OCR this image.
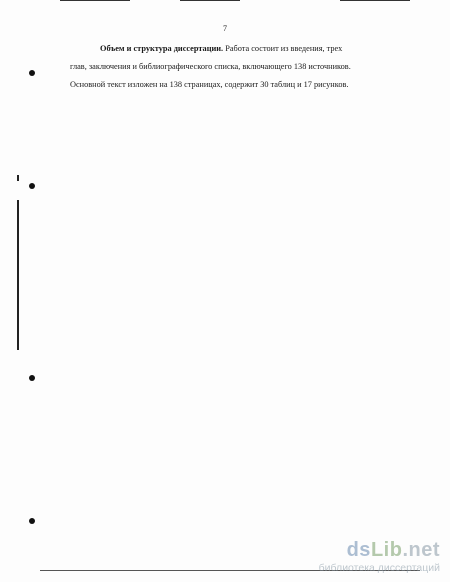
7

Объем и структура диссертации. Работа состоит из введения, трех

глав, заключения и библиографического списка, включающего 138 источников.

Основной текст изложен на 138 страницах, содержит 30 таблиц и 17 рисунков.

dsLib.net
библиотека диссертаций
